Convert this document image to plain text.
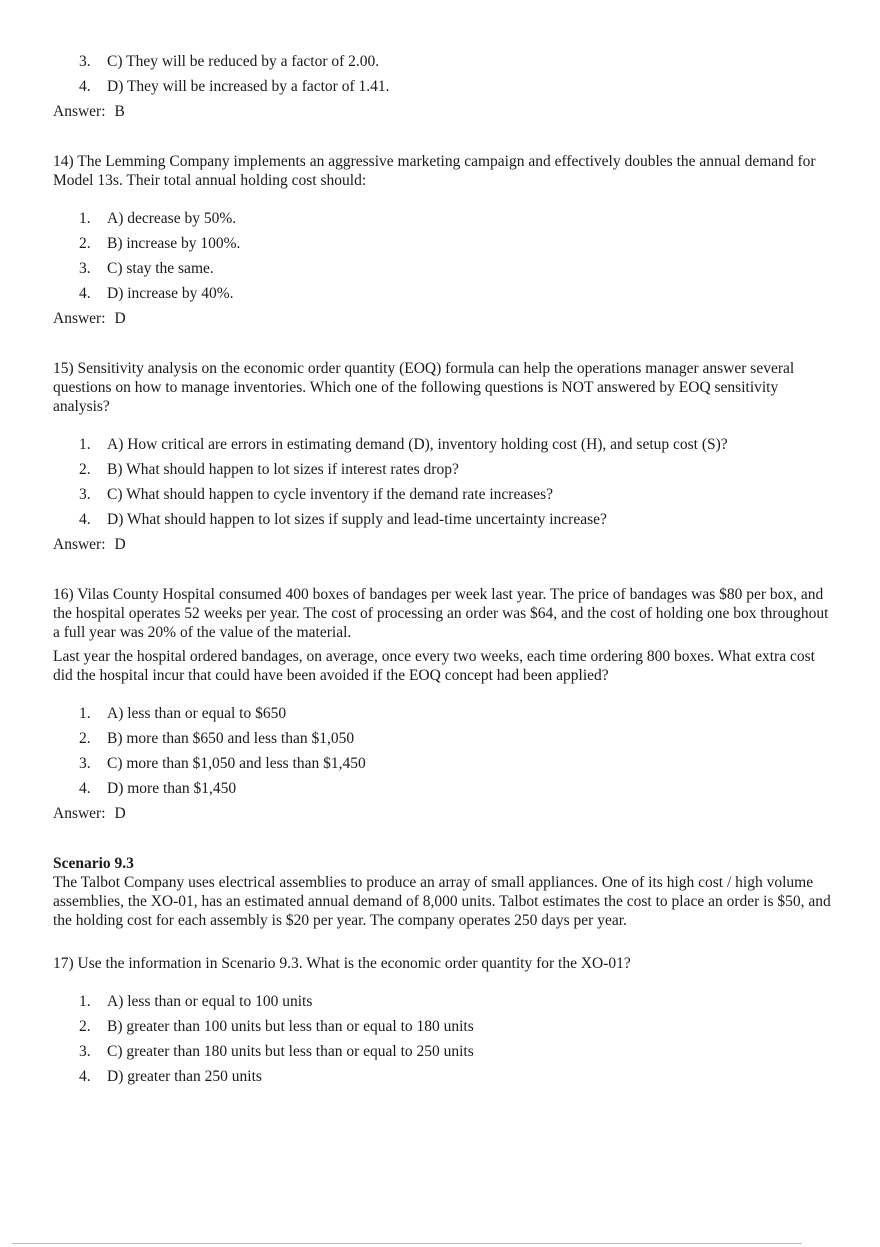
3. C) They will be reduced by a factor of 2.00.
4. D) They will be increased by a factor of 1.41.
Answer: B

14) The Lemming Company implements an aggressive marketing campaign and effectively doubles the annual demand for Model 13s. Their total annual holding cost should:

1. A) decrease by 50%.
2. B) increase by 100%.
3. C) stay the same.
4. D) increase by 40%.
Answer: D

15) Sensitivity analysis on the economic order quantity (EOQ) formula can help the operations manager answer several questions on how to manage inventories. Which one of the following questions is NOT answered by EOQ sensitivity analysis?

1. A) How critical are errors in estimating demand (D), inventory holding cost (H), and setup cost (S)?
2. B) What should happen to lot sizes if interest rates drop?
3. C) What should happen to cycle inventory if the demand rate increases?
4. D) What should happen to lot sizes if supply and lead-time uncertainty increase?
Answer: D

16) Vilas County Hospital consumed 400 boxes of bandages per week last year. The price of bandages was $80 per box, and the hospital operates 52 weeks per year. The cost of processing an order was $64, and the cost of holding one box throughout a full year was 20% of the value of the material.

Last year the hospital ordered bandages, on average, once every two weeks, each time ordering 800 boxes. What extra cost did the hospital incur that could have been avoided if the EOQ concept had been applied?

1. A) less than or equal to $650
2. B) more than $650 and less than $1,050
3. C) more than $1,050 and less than $1,450
4. D) more than $1,450
Answer: D

Scenario 9.3

The Talbot Company uses electrical assemblies to produce an array of small appliances. One of its high cost / high volume assemblies, the XO-01, has an estimated annual demand of 8,000 units. Talbot estimates the cost to place an order is $50, and the holding cost for each assembly is $20 per year. The company operates 250 days per year.

17) Use the information in Scenario 9.3. What is the economic order quantity for the XO-01?

1. A) less than or equal to 100 units
2. B) greater than 100 units but less than or equal to 180 units
3. C) greater than 180 units but less than or equal to 250 units
4. D) greater than 250 units
